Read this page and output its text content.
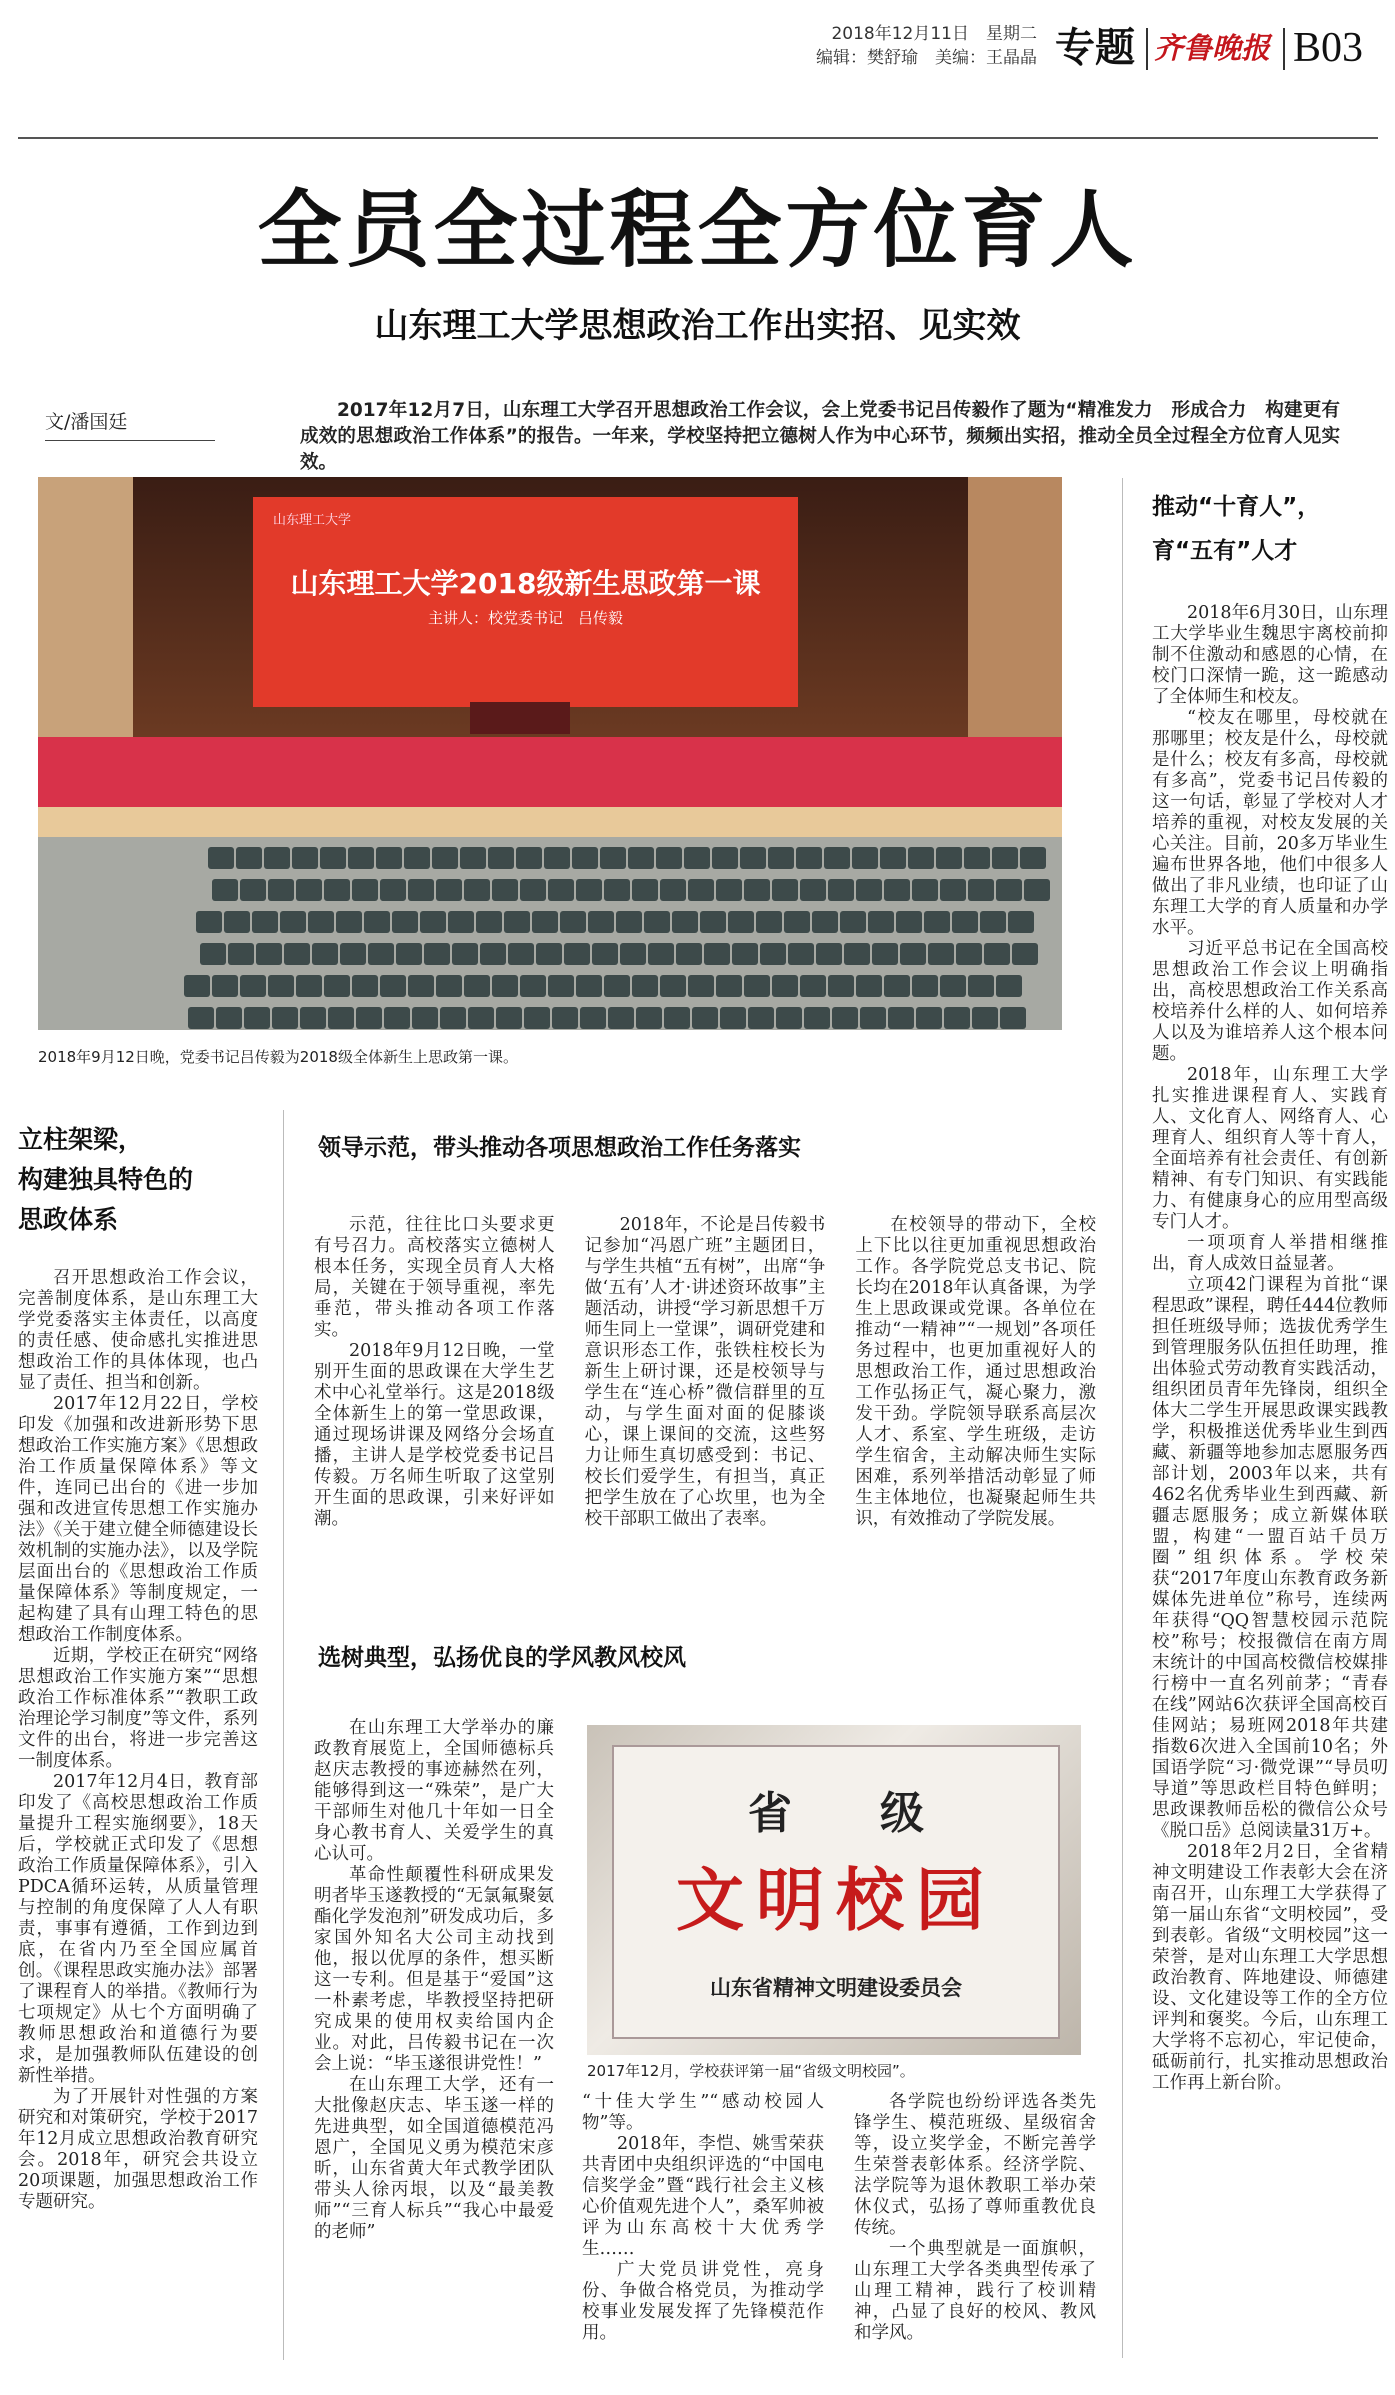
2018年12月11日　星期二
编辑：樊舒瑜　美编：王晶晶 专题 齐鲁晚报 B03
全员全过程全方位育人
山东理工大学思想政治工作出实招、见实效
文/潘国廷
2017年12月7日，山东理工大学召开思想政治工作会议，会上党委书记吕传毅作了题为“精准发力　形成合力　构建更有成效的思想政治工作体系”的报告。一年来，学校坚持把立德树人作为中心环节，频频出实招，推动全员全过程全方位育人见实效。
山东理工大学
山东理工大学2018级新生思政第一课
主讲人：校党委书记　吕传毅
2018年9月12日晚，党委书记吕传毅为2018级全体新生上思政第一课。
立柱架梁，
构建独具特色的
思政体系

召开思想政治工作会议，完善制度体系，是山东理工大学党委落实主体责任，以高度的责任感、使命感扎实推进思想政治工作的具体体现，也凸显了责任、担当和创新。

2017年12月22日，学校印发《加强和改进新形势下思想政治工作实施方案》《思想政治工作质量保障体系》等文件，连同已出台的《进一步加强和改进宣传思想工作实施办法》《关于建立健全师德建设长效机制的实施办法》，以及学院层面出台的《思想政治工作质量保障体系》等制度规定，一起构建了具有山理工特色的思想政治工作制度体系。

近期，学校正在研究“网络思想政治工作实施方案”“思想政治工作标准体系”“教职工政治理论学习制度”等文件，系列文件的出台，将进一步完善这一制度体系。

2017年12月4日，教育部印发了《高校思想政治工作质量提升工程实施纲要》，18天后，学校就正式印发了《思想政治工作质量保障体系》，引入PDCA循环运转，从质量管理与控制的角度保障了人人有职责，事事有遵循，工作到边到底，在省内乃至全国应属首创。《课程思政实施办法》部署了课程育人的举措。《教师行为七项规定》从七个方面明确了教师思想政治和道德行为要求，是加强教师队伍建设的创新性举措。

为了开展针对性强的方案研究和对策研究，学校于2017年12月成立思想政治教育研究会。2018年，研究会共设立20项课题，加强思想政治工作专题研究。

领导示范，带头推动各项思想政治工作任务落实

示范，往往比口头要求更有号召力。高校落实立德树人根本任务，实现全员育人大格局，关键在于领导重视，率先垂范，带头推动各项工作落实。

2018年9月12日晚，一堂别开生面的思政课在大学生艺术中心礼堂举行。这是2018级全体新生上的第一堂思政课，通过现场讲课及网络分会场直播，主讲人是学校党委书记吕传毅。万名师生听取了这堂别开生面的思政课，引来好评如潮。

2018年，不论是吕传毅书记参加“冯恩广班”主题团日，与学生共植“五有树”，出席“争做‘五有’人才·讲述资环故事”主题活动，讲授“学习新思想千万师生同上一堂课”，调研党建和意识形态工作，张铁柱校长为新生上研讨课，还是校领导与学生在“连心桥”微信群里的互动，与学生面对面的促膝谈心，课上课间的交流，这些努力让师生真切感受到：书记、校长们爱学生，有担当，真正把学生放在了心坎里，也为全校干部职工做出了表率。

在校领导的带动下，全校上下比以往更加重视思想政治工作。各学院党总支书记、院长均在2018年认真备课，为学生上思政课或党课。各单位在推动“一精神”“一规划”各项任务过程中，也更加重视好人的思想政治工作，通过思想政治工作弘扬正气，凝心聚力，激发干劲。学院领导联系高层次人才、系室、学生班级，走访学生宿舍，主动解决师生实际困难，系列举措活动彰显了师生主体地位，也凝聚起师生共识，有效推动了学院发展。

选树典型，弘扬优良的学风教风校风

在山东理工大学举办的廉政教育展览上，全国师德标兵赵庆志教授的事迹赫然在列，能够得到这一“殊荣”，是广大干部师生对他几十年如一日全身心教书育人、关爱学生的真心认可。

革命性颠覆性科研成果发明者毕玉遂教授的“无氯氟聚氨酯化学发泡剂”研发成功后，多家国外知名大公司主动找到他，报以优厚的条件，想买断这一专利。但是基于“爱国”这一朴素考虑，毕教授坚持把研究成果的使用权卖给国内企业。对此，吕传毅书记在一次会上说：“毕玉遂很讲党性！”

在山东理工大学，还有一大批像赵庆志、毕玉遂一样的先进典型，如全国道德模范冯恩广，全国见义勇为模范宋彦昕，山东省黄大年式教学团队带头人徐丙垠，以及“最美教师”“三育人标兵”“我心中最爱的老师”

省　　级
文明校园
山东省精神文明建设委员会
2017年12月，学校获评第一届“省级文明校园”。

“十佳大学生”“感动校园人物”等。

2018年，李恺、姚雪荣获共青团中央组织评选的“中国电信奖学金”暨“践行社会主义核心价值观先进个人”，桑军帅被评为山东高校十大优秀学生……

广大党员讲党性，亮身份、争做合格党员，为推动学校事业发展发挥了先锋模范作用。

各学院也纷纷评选各类先锋学生、模范班级、星级宿舍等，设立奖学金，不断完善学生荣誉表彰体系。经济学院、法学院等为退休教职工举办荣休仪式，弘扬了尊师重教优良传统。

一个典型就是一面旗帜，山东理工大学各类典型传承了山理工精神，践行了校训精神，凸显了良好的校风、教风和学风。

推动“十育人”，
育“五有”人才

2018年6月30日，山东理工大学毕业生魏思宇离校前抑制不住激动和感恩的心情，在校门口深情一跪，这一跪感动了全体师生和校友。

“校友在哪里，母校就在那哪里；校友是什么，母校就是什么；校友有多高，母校就有多高”，党委书记吕传毅的这一句话，彰显了学校对人才培养的重视，对校友发展的关心关注。目前，20多万毕业生遍布世界各地，他们中很多人做出了非凡业绩，也印证了山东理工大学的育人质量和办学水平。

习近平总书记在全国高校思想政治工作会议上明确指出，高校思想政治工作关系高校培养什么样的人、如何培养人以及为谁培养人这个根本问题。

2018年，山东理工大学扎实推进课程育人、实践育人、文化育人、网络育人、心理育人、组织育人等十育人，全面培养有社会责任、有创新精神、有专门知识、有实践能力、有健康身心的应用型高级专门人才。

一项项育人举措相继推出，育人成效日益显著。

立项42门课程为首批“课程思政”课程，聘任444位教师担任班级导师；选拔优秀学生到管理服务队伍担任助理，推出体验式劳动教育实践活动，组织团员青年先锋岗，组织全体大二学生开展思政课实践教学，积极推送优秀毕业生到西藏、新疆等地参加志愿服务西部计划，2003年以来，共有462名优秀毕业生到西藏、新疆志愿服务；成立新媒体联盟，构建“一盟百站千员万圈”组织体系。学校荣获“2017年度山东教育政务新媒体先进单位”称号，连续两年获得“QQ智慧校园示范院校”称号；校报微信在南方周末统计的中国高校微信校媒排行榜中一直名列前茅；“青春在线”网站6次获评全国高校百佳网站；易班网2018年共建指数6次进入全国前10名；外国语学院“习·微党课”“导员叨导道”等思政栏目特色鲜明；思政课教师岳松的微信公众号《脱口岳》总阅读量31万+。

2018年2月2日，全省精神文明建设工作表彰大会在济南召开，山东理工大学获得了第一届山东省“文明校园”，受到表彰。省级“文明校园”这一荣誉，是对山东理工大学思想政治教育、阵地建设、师德建设、文化建设等工作的全方位评判和褒奖。今后，山东理工大学将不忘初心，牢记使命，砥砺前行，扎实推动思想政治工作再上新台阶。
